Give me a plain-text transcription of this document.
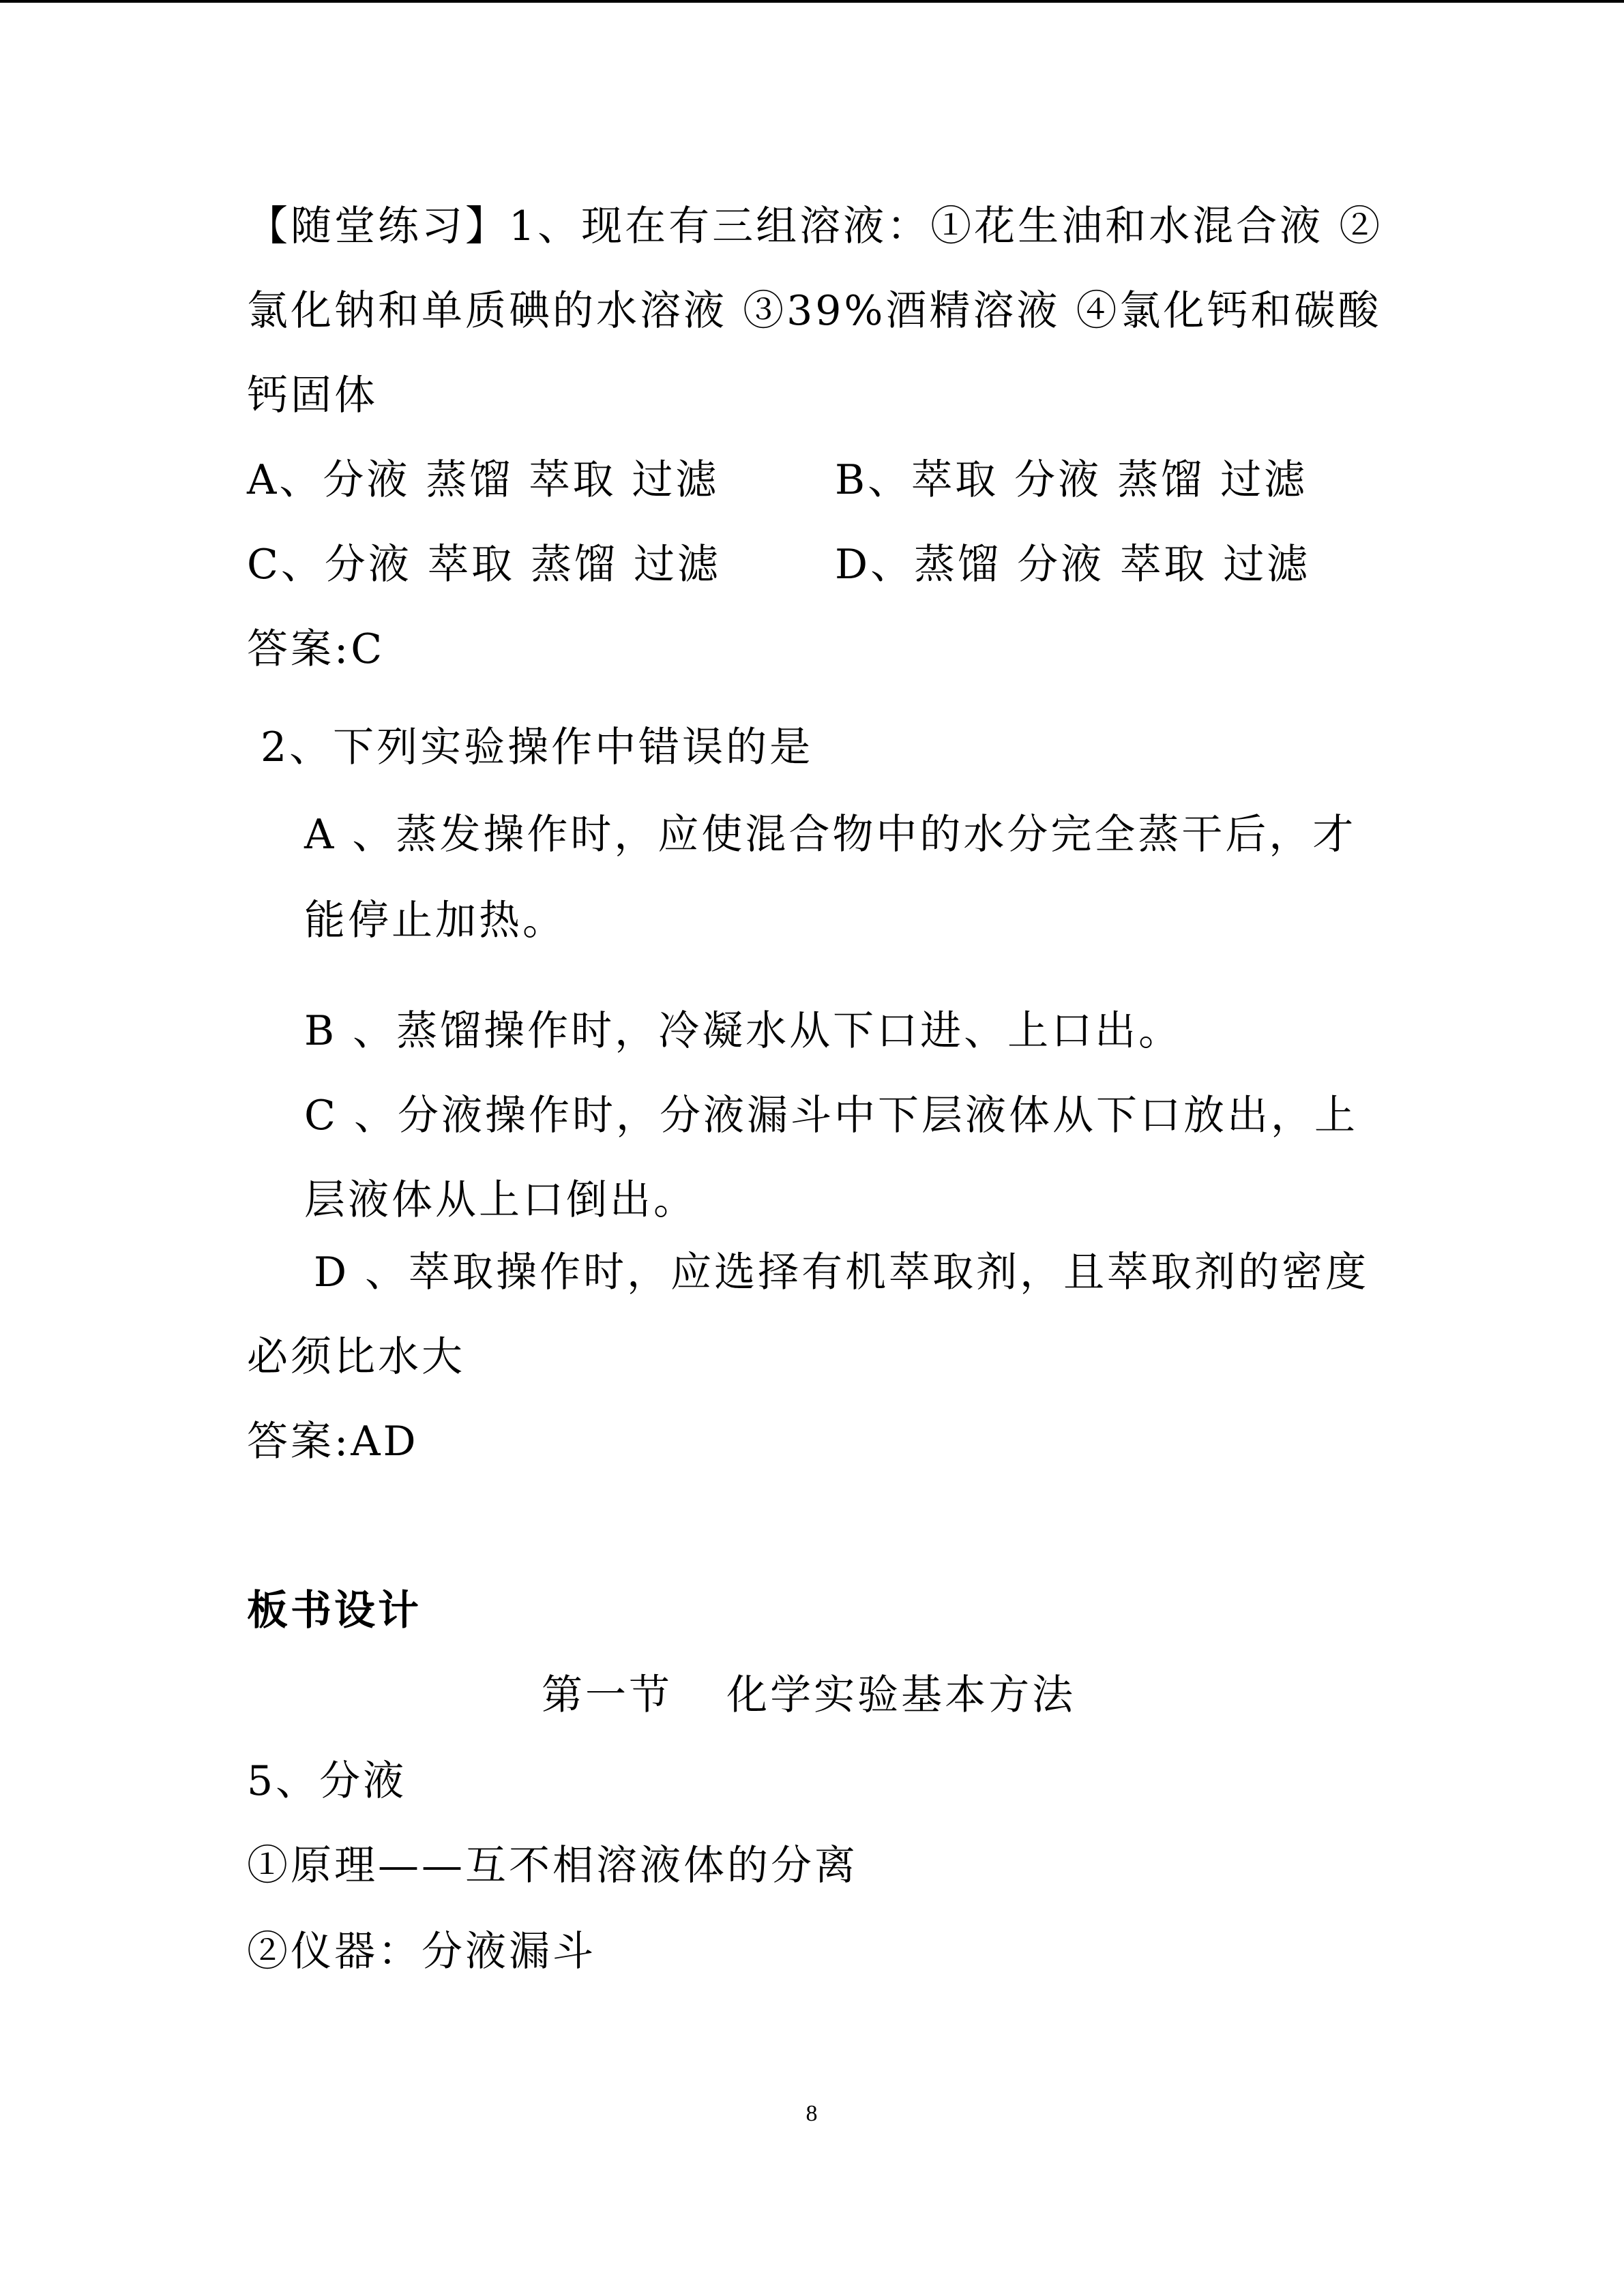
【随堂练习】1、现在有三组溶液：①花生油和水混合液 ②
氯化钠和单质碘的水溶液 ③39%酒精溶液 ④氯化钙和碳酸
钙固体
A、分液 蒸馏 萃取 过滤	B、萃取 分液 蒸馏 过滤
C、分液 萃取 蒸馏 过滤	D、蒸馏 分液 萃取 过滤
答案:C
2、下列实验操作中错误的是
A 、蒸发操作时，应使混合物中的水分完全蒸干后，才
能停止加热。
B 、蒸馏操作时，冷凝水从下口进、上口出。
C 、分液操作时，分液漏斗中下层液体从下口放出，上
层液体从上口倒出。
D 、萃取操作时，应选择有机萃取剂，且萃取剂的密度
必须比水大
答案:AD
板书设计
第一节 化学实验基本方法
5、分液
①原理——互不相溶液体的分离
②仪器：分液漏斗
8
